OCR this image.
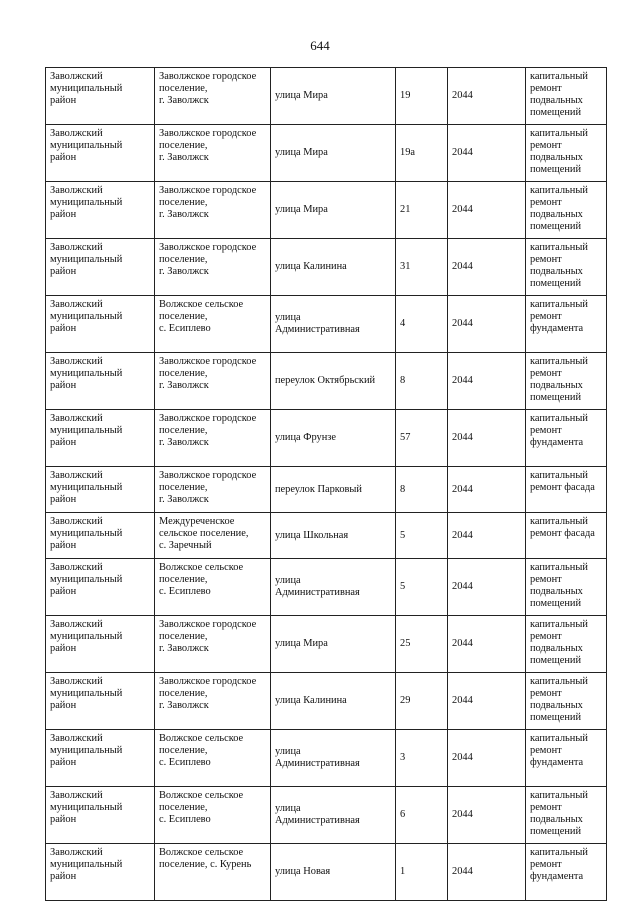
644
Заволжский
муниципальный
район	Заволжское городское
поселение,
г. Заволжск	улица Мира	19	2044	капитальный
ремонт
подвальных
помещений
Заволжский
муниципальный
район	Заволжское городское
поселение,
г. Заволжск	улица Мира	19а	2044	капитальный
ремонт
подвальных
помещений
Заволжский
муниципальный
район	Заволжское городское
поселение,
г. Заволжск	улица Мира	21	2044	капитальный
ремонт
подвальных
помещений
Заволжский
муниципальный
район	Заволжское городское
поселение,
г. Заволжск	улица Калинина	31	2044	капитальный
ремонт
подвальных
помещений
Заволжский
муниципальный
район	Волжское сельское
поселение,
с. Есиплево	улица
Административная	4	2044	капитальный
ремонт
фундамента
Заволжский
муниципальный
район	Заволжское городское
поселение,
г. Заволжск	переулок Октябрьский	8	2044	капитальный
ремонт
подвальных
помещений
Заволжский
муниципальный
район	Заволжское городское
поселение,
г. Заволжск	улица Фрунзе	57	2044	капитальный
ремонт
фундамента
Заволжский
муниципальный
район	Заволжское городское
поселение,
г. Заволжск	переулок Парковый	8	2044	капитальный
ремонт фасада
Заволжский
муниципальный
район	Междуреченское
сельское поселение,
с. Заречный	улица Школьная	5	2044	капитальный
ремонт фасада
Заволжский
муниципальный
район	Волжское сельское
поселение,
с. Есиплево	улица
Административная	5	2044	капитальный
ремонт
подвальных
помещений
Заволжский
муниципальный
район	Заволжское городское
поселение,
г. Заволжск	улица Мира	25	2044	капитальный
ремонт
подвальных
помещений
Заволжский
муниципальный
район	Заволжское городское
поселение,
г. Заволжск	улица Калинина	29	2044	капитальный
ремонт
подвальных
помещений
Заволжский
муниципальный
район	Волжское сельское
поселение,
с. Есиплево	улица
Административная	3	2044	капитальный
ремонт
фундамента
Заволжский
муниципальный
район	Волжское сельское
поселение,
с. Есиплево	улица
Административная	6	2044	капитальный
ремонт
подвальных
помещений
Заволжский
муниципальный
район	Волжское сельское
поселение, с. Курень	улица Новая	1	2044	капитальный
ремонт
фундамента
